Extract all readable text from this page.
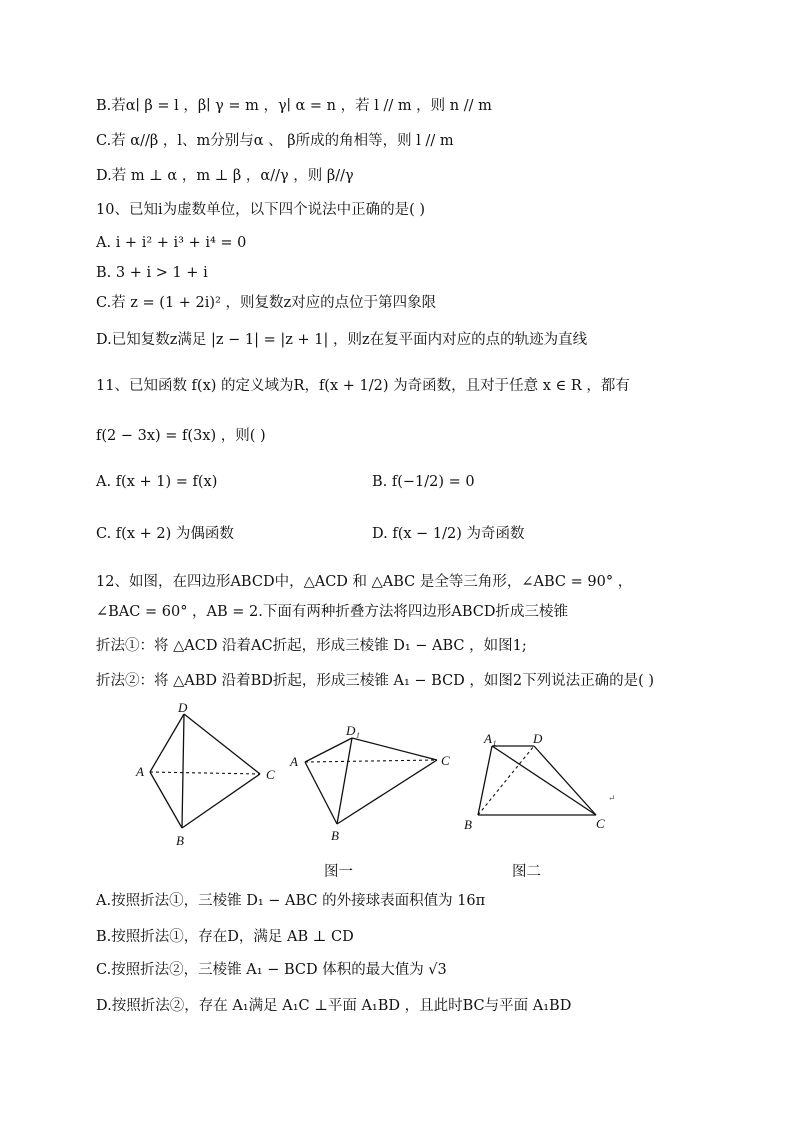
B.若α∣ β = l ，β∣ γ = m ，γ∣ α = n ，若 l // m ，则 n // m
C.若 α//β ，l、m分别与α 、 β所成的角相等，则 l // m
D.若 m ⊥ α ，m ⊥ β ，α//γ ，则 β//γ
10、已知i为虚数单位，以下四个说法中正确的是( )
A. i + i² + i³ + i⁴ = 0
B. 3 + i > 1 + i
C.若 z = (1 + 2i)² ，则复数z对应的点位于第四象限
D.已知复数z满足 |z − 1| = |z + 1| ，则z在复平面内对应的点的轨迹为直线
11、已知函数 f(x) 的定义域为R，f(x + 1/2) 为奇函数，且对于任意 x ∈ R ，都有
f(2 − 3x) = f(3x) ，则( )
A. f(x + 1) = f(x)	B. f(−1/2) = 0
C. f(x + 2) 为偶函数	D. f(x − 1/2) 为奇函数
12、如图，在四边形ABCD中，△ACD 和 △ABC 是全等三角形，∠ABC = 90° ，
∠BAC = 60° ，AB = 2.下面有两种折叠方法将四边形ABCD折成三棱锥
折法①：将 △ACD 沿着AC折起，形成三棱锥 D₁ − ABC ，如图1;
折法②：将 △ABD 沿着BD折起，形成三棱锥 A₁ − BCD ，如图2下列说法正确的是( )
D
A	C
B
D₁
A	C
B
A₁	D
B	C
↵
图一	图二
A.按照折法①，三棱锥 D₁ − ABC 的外接球表面积值为 16π
B.按照折法①，存在D，满足 AB ⊥ CD
C.按照折法②，三棱锥 A₁ − BCD 体积的最大值为 √3
D.按照折法②，存在 A₁满足 A₁C ⊥平面 A₁BD ，且此时BC与平面 A₁BD
